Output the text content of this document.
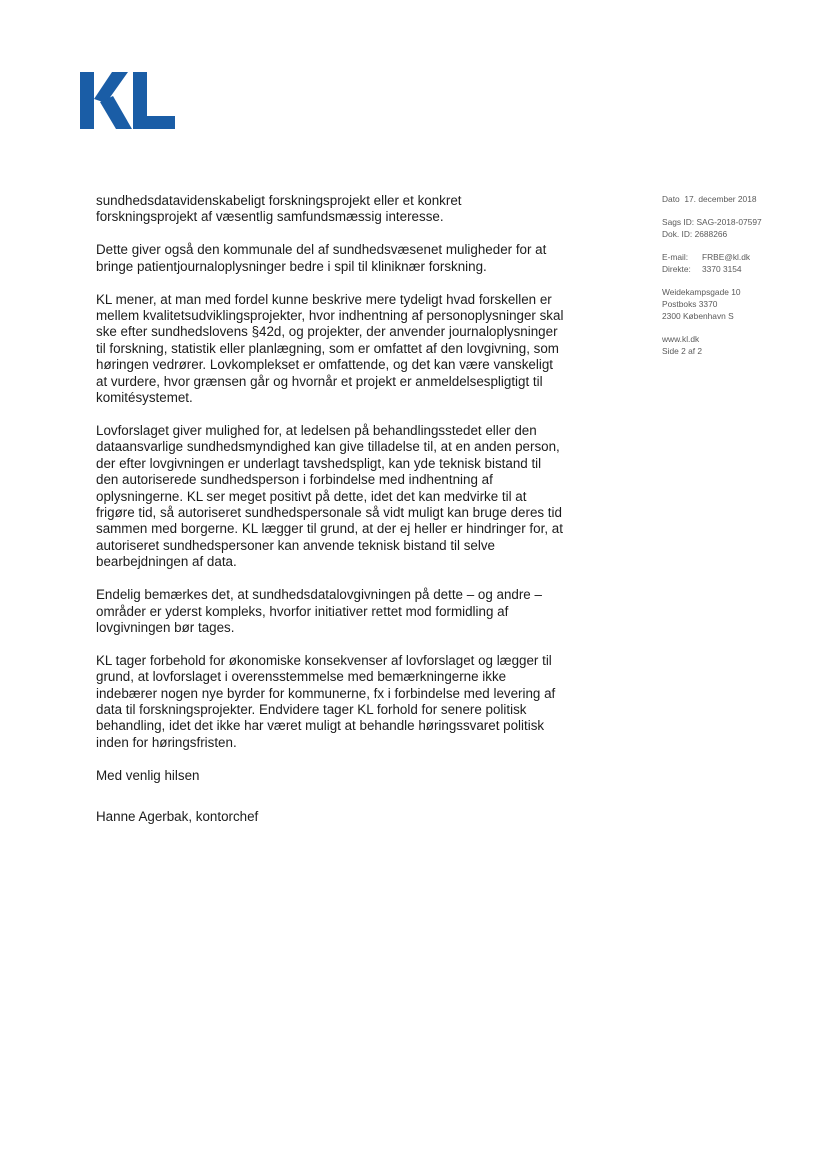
sundhedsdatavidenskabeligt forskningsprojekt eller et konkret forskningsprojekt af væsentlig samfundsmæssig interesse.

Dette giver også den kommunale del af sundhedsvæsenet muligheder for at bringe patientjournaloplysninger bedre i spil til kliniknær forskning.

KL mener, at man med fordel kunne beskrive mere tydeligt hvad forskellen er mellem kvalitetsudviklingsprojekter, hvor indhentning af personoplysninger skal ske efter sundhedslovens §42d, og projekter, der anvender journaloplysninger til forskning, statistik eller planlægning, som er omfattet af den lovgivning, som høringen vedrører. Lovkomplekset er omfattende, og det kan være vanskeligt at vurdere, hvor grænsen går og hvornår et projekt er anmeldelsespligtigt til komitésystemet.

Lovforslaget giver mulighed for, at ledelsen på behandlingsstedet eller den dataansvarlige sundhedsmyndighed kan give tilladelse til, at en anden person, der efter lovgivningen er underlagt tavshedspligt, kan yde teknisk bistand til den autoriserede sundhedsperson i forbindelse med indhentning af oplysningerne. KL ser meget positivt på dette, idet det kan medvirke til at frigøre tid, så autoriseret sundhedspersonale så vidt muligt kan bruge deres tid sammen med borgerne. KL lægger til grund, at der ej heller er hindringer for, at autoriseret sundhedspersoner kan anvende teknisk bistand til selve bearbejdningen af data.

Endelig bemærkes det, at sundhedsdatalovgivningen på dette – og andre – områder er yderst kompleks, hvorfor initiativer rettet mod formidling af lovgivningen bør tages.

KL tager forbehold for økonomiske konsekvenser af lovforslaget og lægger til grund, at lovforslaget i overensstemmelse med bemærkningerne ikke indebærer nogen nye byrder for kommunerne, fx i forbindelse med levering af data til forskningsprojekter. Endvidere tager KL forhold for senere politisk behandling, idet det ikke har været muligt at behandle høringssvaret politisk inden for høringsfristen.

Med venlig hilsen

Hanne Agerbak, kontorchef

Dato 17. december 2018
Sags ID: SAG-2018-07597
Dok. ID: 2688266
E-mail: FRBE@kl.dk
Direkte: 3370 3154
Weidekampsgade 10
Postboks 3370
2300 København S
www.kl.dk
Side 2 af 2
